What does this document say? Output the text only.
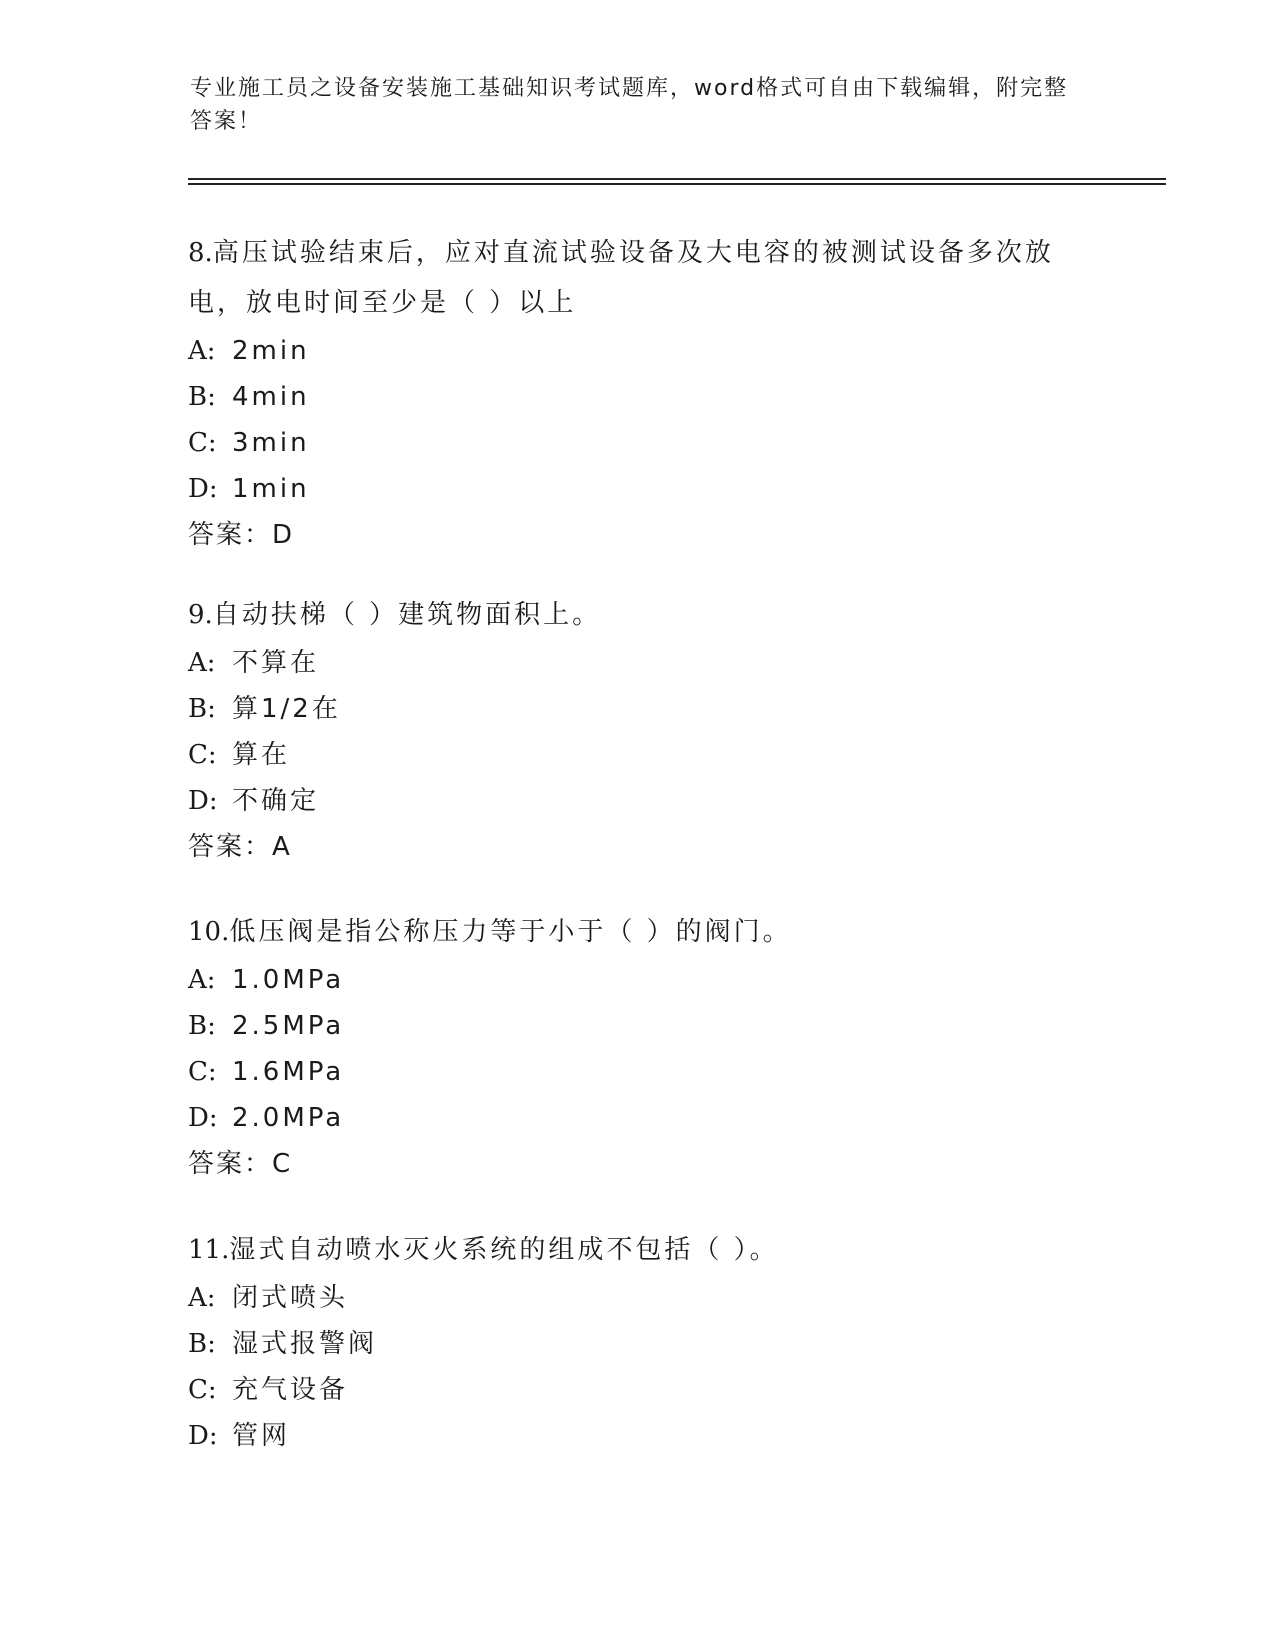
专业施工员之设备安装施工基础知识考试题库，word格式可自由下载编辑，附完整答案！

8.高压试验结束后，应对直流试验设备及大电容的被测试设备多次放电，放电时间至少是（ ）以上

A: 2min

B: 4min

C: 3min

D: 1min

答案：D

9.自动扶梯（ ）建筑物面积上。

A: 不算在

B: 算1/2在

C: 算在

D: 不确定

答案：A

10.低压阀是指公称压力等于小于（ ）的阀门。

A: 1.0MPa

B: 2.5MPa

C: 1.6MPa

D: 2.0MPa

答案：C

11.湿式自动喷水灭火系统的组成不包括（ ）。

A: 闭式喷头

B: 湿式报警阀

C: 充气设备

D: 管网
